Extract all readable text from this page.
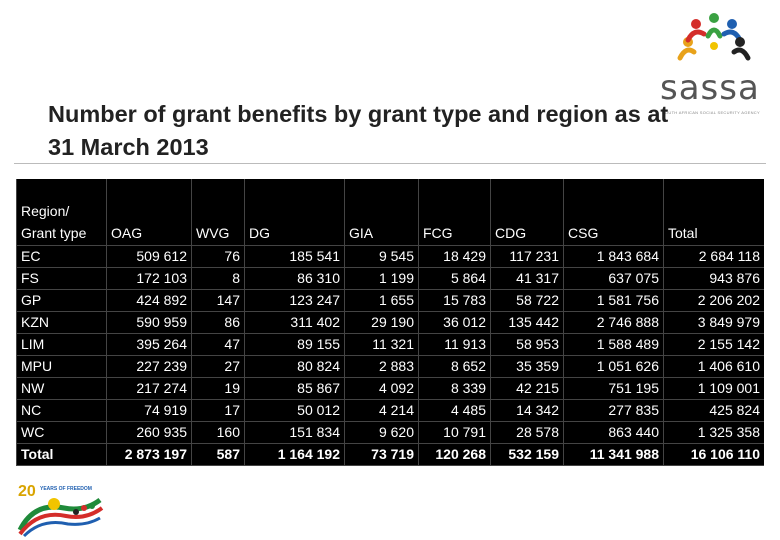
sassa
SOUTH AFRICAN SOCIAL SECURITY AGENCY
Number of grant benefits by grant type and region as at 31 March 2013
Region/ Grant type	OAG	WVG	DG	GIA	FCG	CDG	CSG	Total
EC	509 612	76	185 541	9 545	18 429	117 231	1 843 684	2 684 118
FS	172 103	8	86 310	1 199	5 864	41 317	637 075	943 876
GP	424 892	147	123 247	1 655	15 783	58 722	1 581 756	2 206 202
KZN	590 959	86	311 402	29 190	36 012	135 442	2 746 888	3 849 979
LIM	395 264	47	89 155	11 321	11 913	58 953	1 588 489	2 155 142
MPU	227 239	27	80 824	2 883	8 652	35 359	1 051 626	1 406 610
NW	217 274	19	85 867	4 092	8 339	42 215	751 195	1 109 001
NC	74 919	17	50 012	4 214	4 485	14 342	277 835	425 824
WC	260 935	160	151 834	9 620	10 791	28 578	863 440	1 325 358
Total	2 873 197	587	1 164 192	73 719	120 268	532 159	11 341 988	16 106 110
20 YEARS OF FREEDOM
